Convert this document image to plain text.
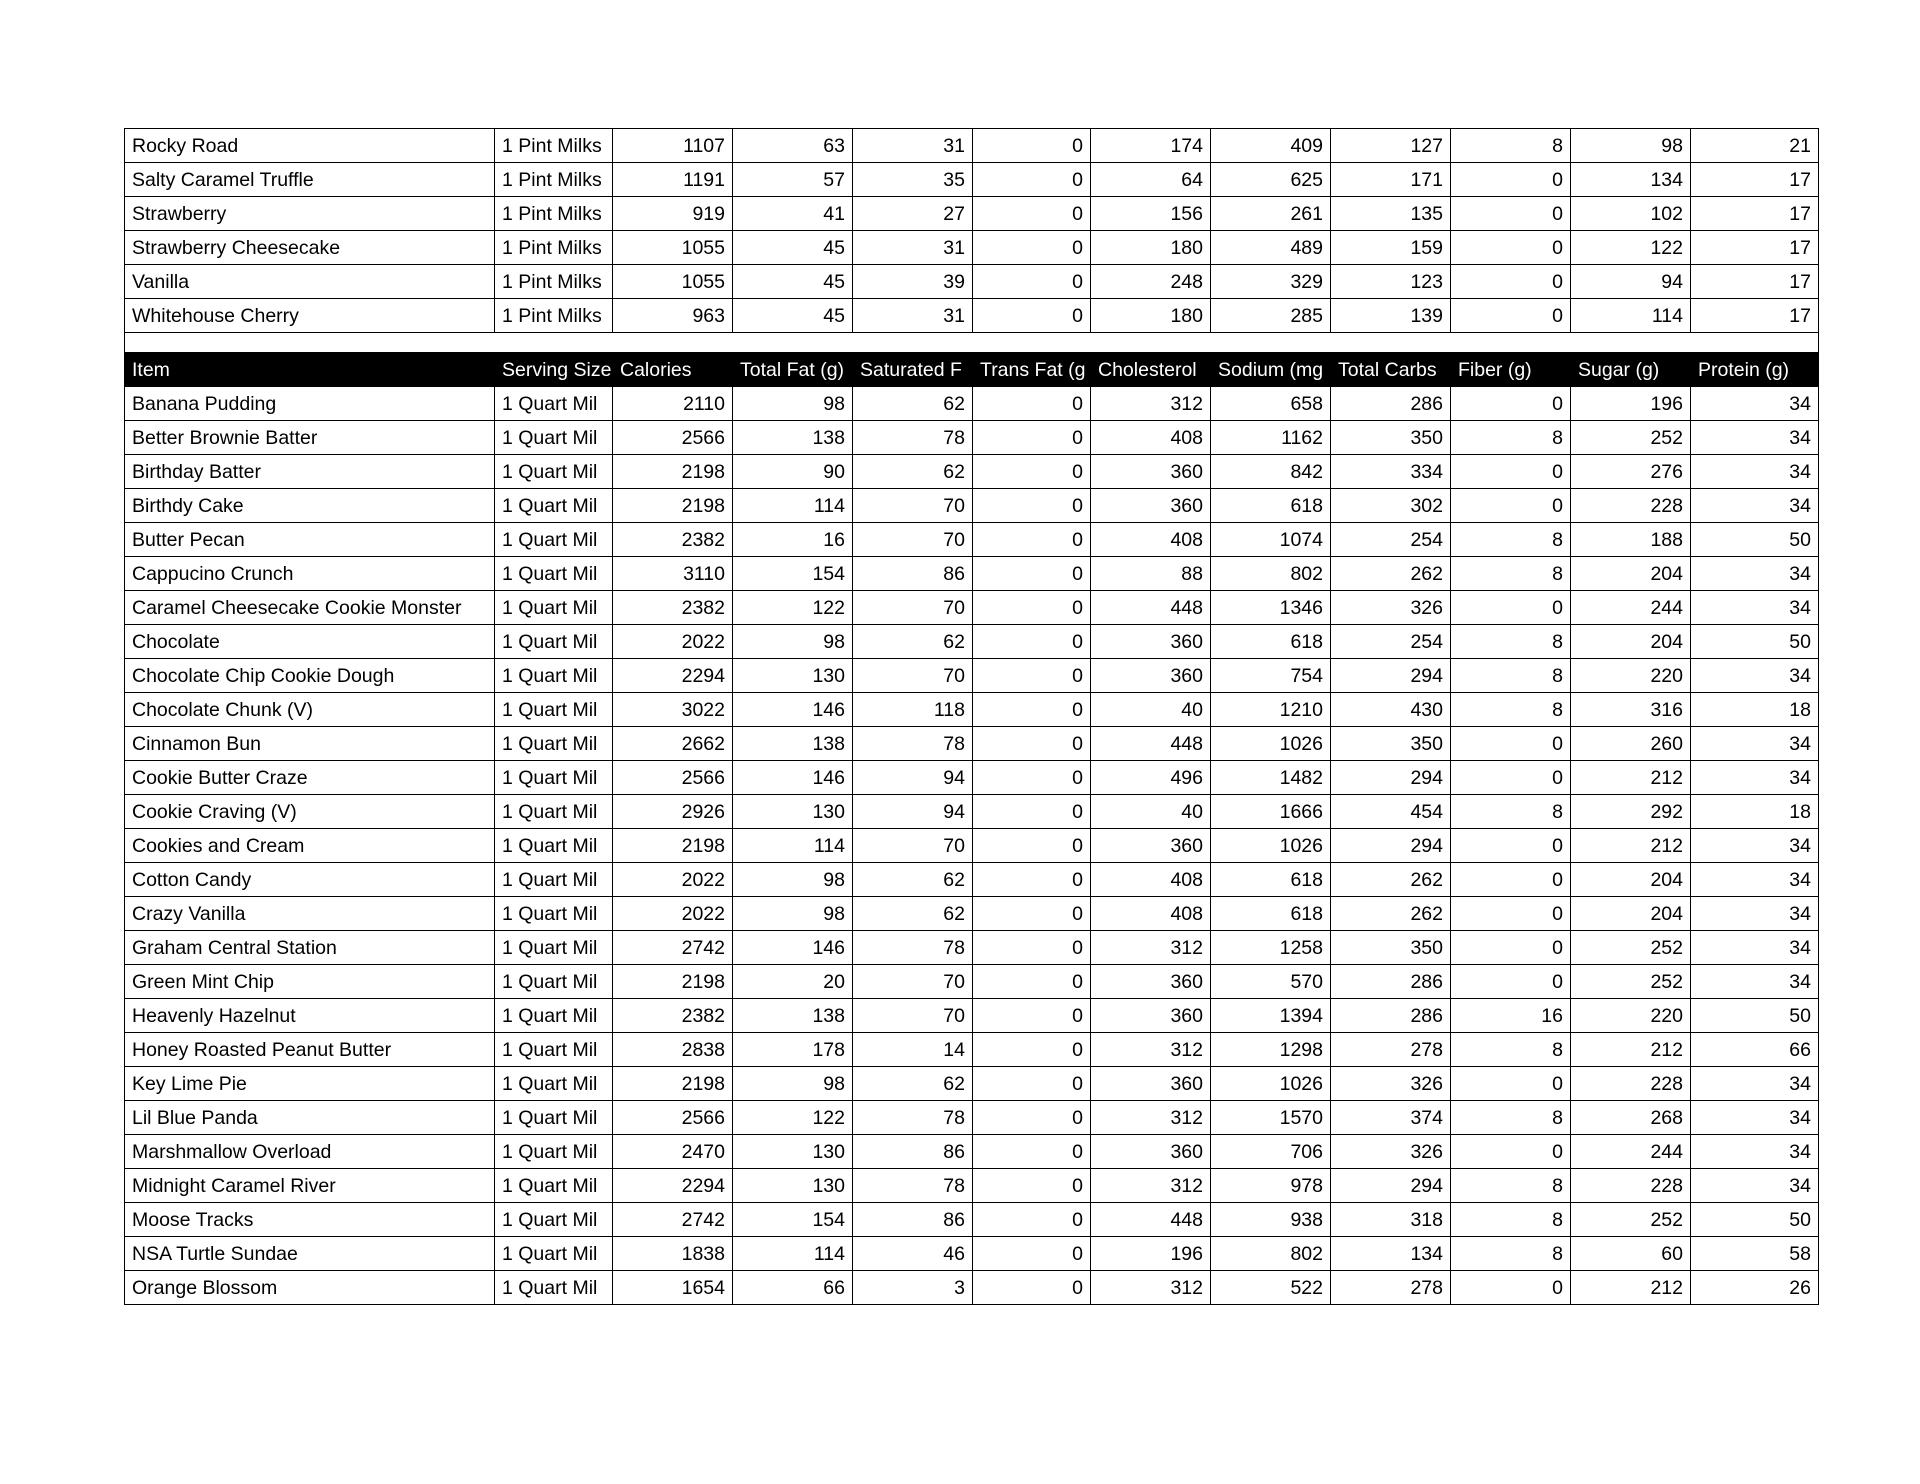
Rocky Road	1 Pint Milks	1107	63	31	0	174	409	127	8	98	21
Salty Caramel Truffle	1 Pint Milks	1191	57	35	0	64	625	171	0	134	17
Strawberry	1 Pint Milks	919	41	27	0	156	261	135	0	102	17
Strawberry Cheesecake	1 Pint Milks	1055	45	31	0	180	489	159	0	122	17
Vanilla	1 Pint Milks	1055	45	39	0	248	329	123	0	94	17
Whitehouse Cherry	1 Pint Milks	963	45	31	0	180	285	139	0	114	17

Item	Serving Size	Calories	Total Fat (g)	Saturated F	Trans Fat (g	Cholesterol	Sodium (mg	Total Carbs	Fiber (g)	Sugar (g)	Protein (g)
Banana Pudding	1 Quart Mil	2110	98	62	0	312	658	286	0	196	34
Better Brownie Batter	1 Quart Mil	2566	138	78	0	408	1162	350	8	252	34
Birthday Batter	1 Quart Mil	2198	90	62	0	360	842	334	0	276	34
Birthdy Cake	1 Quart Mil	2198	114	70	0	360	618	302	0	228	34
Butter Pecan	1 Quart Mil	2382	16	70	0	408	1074	254	8	188	50
Cappucino Crunch	1 Quart Mil	3110	154	86	0	88	802	262	8	204	34
Caramel Cheesecake Cookie Monster	1 Quart Mil	2382	122	70	0	448	1346	326	0	244	34
Chocolate	1 Quart Mil	2022	98	62	0	360	618	254	8	204	50
Chocolate Chip Cookie Dough	1 Quart Mil	2294	130	70	0	360	754	294	8	220	34
Chocolate Chunk (V)	1 Quart Mil	3022	146	118	0	40	1210	430	8	316	18
Cinnamon Bun	1 Quart Mil	2662	138	78	0	448	1026	350	0	260	34
Cookie Butter Craze	1 Quart Mil	2566	146	94	0	496	1482	294	0	212	34
Cookie Craving (V)	1 Quart Mil	2926	130	94	0	40	1666	454	8	292	18
Cookies and Cream	1 Quart Mil	2198	114	70	0	360	1026	294	0	212	34
Cotton Candy	1 Quart Mil	2022	98	62	0	408	618	262	0	204	34
Crazy Vanilla	1 Quart Mil	2022	98	62	0	408	618	262	0	204	34
Graham Central Station	1 Quart Mil	2742	146	78	0	312	1258	350	0	252	34
Green Mint Chip	1 Quart Mil	2198	20	70	0	360	570	286	0	252	34
Heavenly Hazelnut	1 Quart Mil	2382	138	70	0	360	1394	286	16	220	50
Honey Roasted Peanut Butter	1 Quart Mil	2838	178	14	0	312	1298	278	8	212	66
Key Lime Pie	1 Quart Mil	2198	98	62	0	360	1026	326	0	228	34
Lil Blue Panda	1 Quart Mil	2566	122	78	0	312	1570	374	8	268	34
Marshmallow Overload	1 Quart Mil	2470	130	86	0	360	706	326	0	244	34
Midnight Caramel River	1 Quart Mil	2294	130	78	0	312	978	294	8	228	34
Moose Tracks	1 Quart Mil	2742	154	86	0	448	938	318	8	252	50
NSA Turtle Sundae	1 Quart Mil	1838	114	46	0	196	802	134	8	60	58
Orange Blossom	1 Quart Mil	1654	66	3	0	312	522	278	0	212	26
